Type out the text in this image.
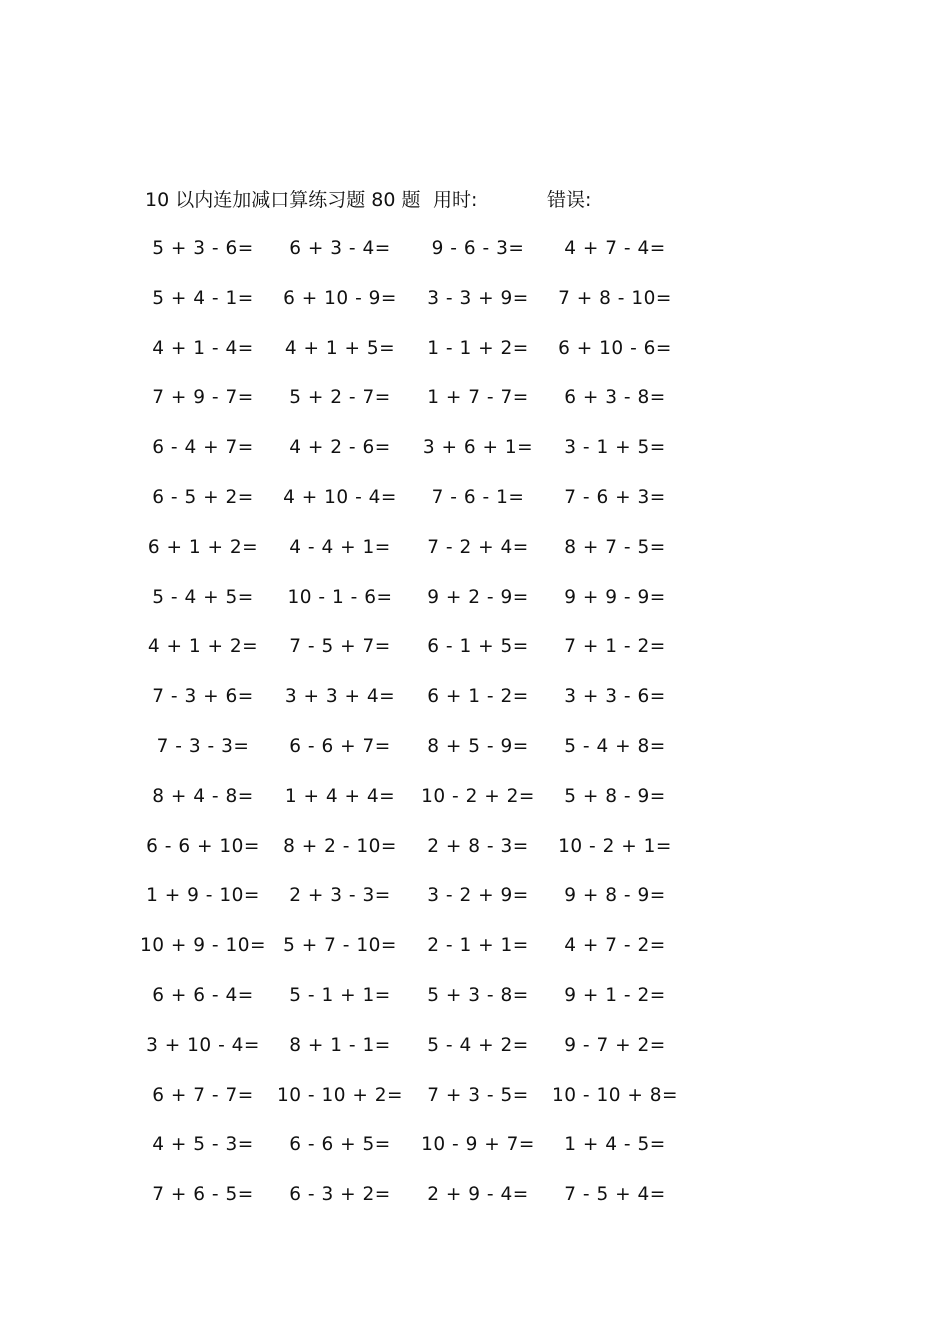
10 以内连加减口算练习题 80 题 用时:	错误:
5 + 3 - 6=	6 + 3 - 4=	9 - 6 - 3=	4 + 7 - 4=
5 + 4 - 1=	6 + 10 - 9=	3 - 3 + 9=	7 + 8 - 10=
4 + 1 - 4=	4 + 1 + 5=	1 - 1 + 2=	6 + 10 - 6=
7 + 9 - 7=	5 + 2 - 7=	1 + 7 - 7=	6 + 3 - 8=
6 - 4 + 7=	4 + 2 - 6=	3 + 6 + 1=	3 - 1 + 5=
6 - 5 + 2=	4 + 10 - 4=	7 - 6 - 1=	7 - 6 + 3=
6 + 1 + 2=	4 - 4 + 1=	7 - 2 + 4=	8 + 7 - 5=
5 - 4 + 5=	10 - 1 - 6=	9 + 2 - 9=	9 + 9 - 9=
4 + 1 + 2=	7 - 5 + 7=	6 - 1 + 5=	7 + 1 - 2=
7 - 3 + 6=	3 + 3 + 4=	6 + 1 - 2=	3 + 3 - 6=
7 - 3 - 3=	6 - 6 + 7=	8 + 5 - 9=	5 - 4 + 8=
8 + 4 - 8=	1 + 4 + 4=	10 - 2 + 2=	5 + 8 - 9=
6 - 6 + 10=	8 + 2 - 10=	2 + 8 - 3=	10 - 2 + 1=
1 + 9 - 10=	2 + 3 - 3=	3 - 2 + 9=	9 + 8 - 9=
10 + 9 - 10= 5 + 7 - 10=	2 - 1 + 1=	4 + 7 - 2=
6 + 6 - 4=	5 - 1 + 1=	5 + 3 - 8=	9 + 1 - 2=
3 + 10 - 4=	8 + 1 - 1=	5 - 4 + 2=	9 - 7 + 2=
6 + 7 - 7=	10 - 10 + 2=	7 + 3 - 5=	10 - 10 + 8=
4 + 5 - 3=	6 - 6 + 5=	10 - 9 + 7=	1 + 4 - 5=
7 + 6 - 5=	6 - 3 + 2=	2 + 9 - 4=	7 - 5 + 4=
